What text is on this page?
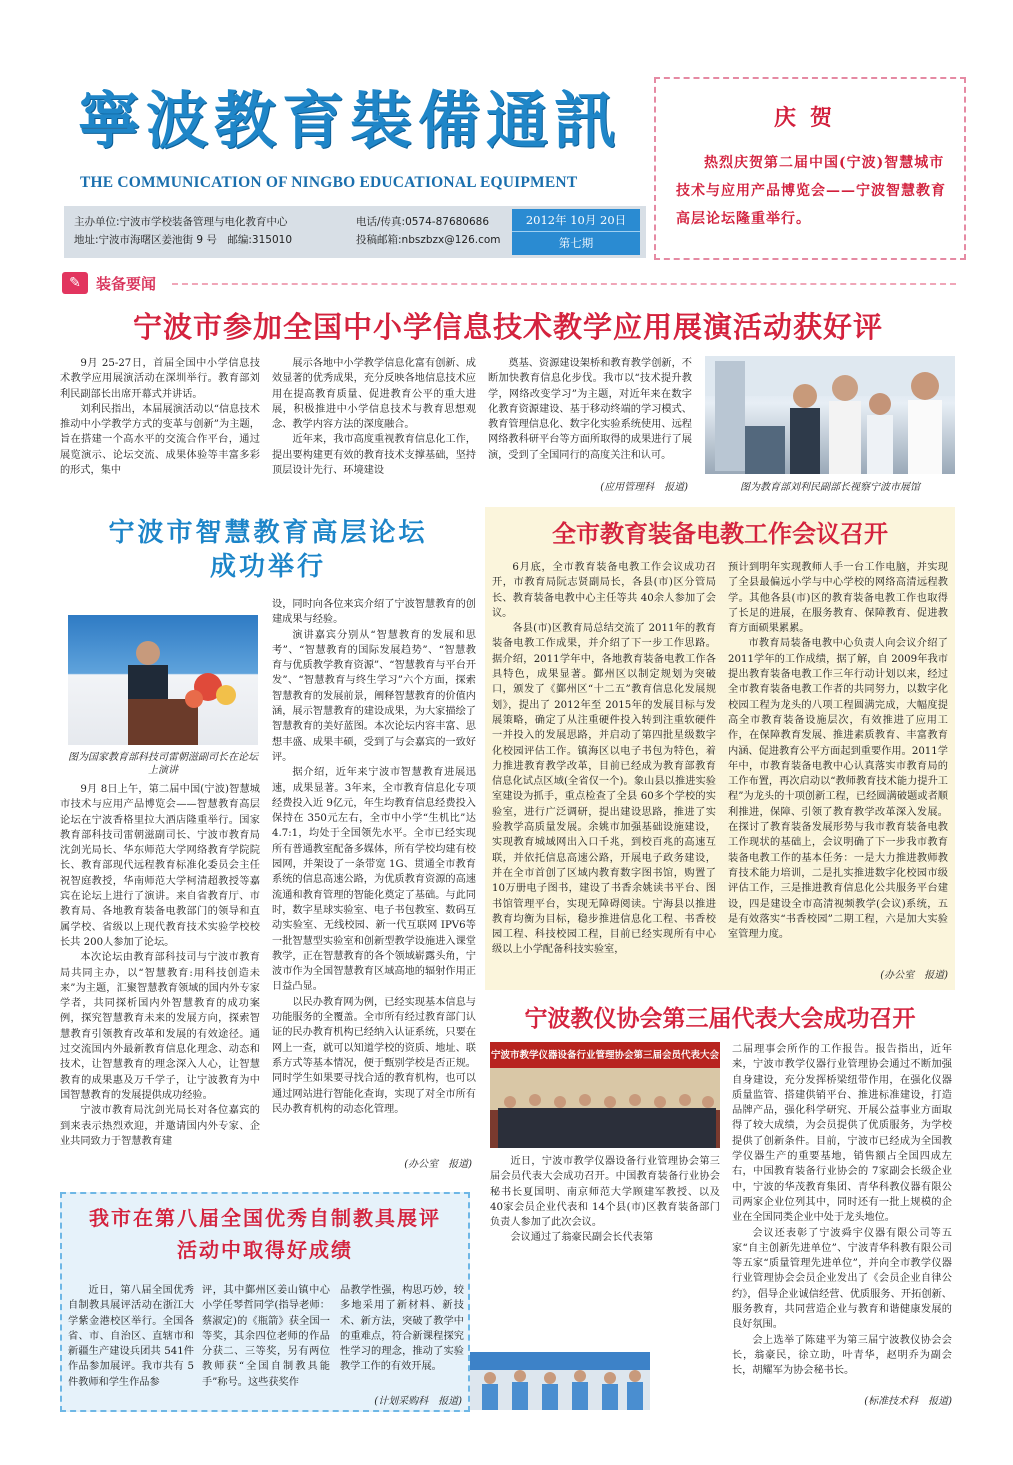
寧波教育裝備通訊
THE COMMUNICATION OF NINGBO EDUCATIONAL EQUIPMENT
主办单位:宁波市学校装备管理与电化教育中心
地址:宁波市海曙区姜池街 9 号　邮编:315010
电话/传真:0574-87680686
投稿邮箱:nbszbzx@126.com
2012年 10月 20日
第七期
庆贺
热烈庆贺第二届中国(宁波)智慧城市技术与应用产品博览会——宁波智慧教育高层论坛隆重举行。
✎	装备要闻
宁波市参加全国中小学信息技术教学应用展演活动获好评

9月 25-27日，首届全国中小学信息技术教学应用展演活动在深圳举行。教育部刘利民副部长出席开幕式并讲话。

刘利民指出，本届展演活动以“信息技术推动中小学教学方式的变革与创新”为主题，旨在搭建一个高水平的交流合作平台，通过展览演示、论坛交流、成果体验等丰富多彩的形式，集中

展示各地中小学教学信息化富有创新、成效显著的优秀成果，充分反映各地信息技术应用在提高教育质量、促进教育公平的重大进展，积极推进中小学信息技术与教育思想观念、教学内容方法的深度融合。

近年来，我市高度重视教育信息化工作，提出要构建更有效的教育技术支撑基础，坚持顶层设计先行、环境建设

奠基、资源建设架桥和教育教学创新，不断加快教育信息化步伐。我市以“技术提升教学，网络改变学习”为主题，对近年来在数字化教育资源建设、基于移动终端的学习模式、教育管理信息化、数字化实验系统使用、远程网络教科研平台等方面所取得的成果进行了展演，受到了全国同行的高度关注和认可。

(应用管理科　报道)	图为教育部刘利民副部长视察宁波市展馆
宁波市智慧教育高层论坛
成功举行
图为国家教育部科技司雷朝滋副司长在论坛上演讲

9月 8日上午，第二届中国(宁波)智慧城市技术与应用产品博览会——智慧教育高层论坛在宁波香格里拉大酒店隆重举行。国家教育部科技司雷朝滋副司长、宁波市教育局沈剑光局长、华东师范大学网络教育学院院长、教育部现代远程教育标准化委员会主任祝智庭教授，华南师范大学柯清超教授等嘉宾在论坛上进行了演讲。来自省教育厅、市教育局、各地教育装备电教部门的领导和直属学校、省级以上现代教育技术实验学校校长共 200人参加了论坛。

本次论坛由教育部科技司与宁波市教育局共同主办，以“智慧教育:用科技创造未来”为主题，汇聚智慧教育领域的国内外专家学者，共同探析国内外智慧教育的成功案例，探究智慧教育未来的发展方向，探索智慧教育引领教育改革和发展的有效途径。通过交流国内外最新教育信息化理念、动态和技术，让智慧教育的理念深入人心，让智慧教育的成果惠及万千学子，让宁波教育为中国智慧教育的发展提供成功经验。

宁波市教育局沈剑光局长对各位嘉宾的到来表示热烈欢迎，并邀请国内外专家、企业共同致力于智慧教育建

设，同时向各位来宾介绍了宁波智慧教育的创建成果与经验。

演讲嘉宾分别从“智慧教育的发展和思考”、“智慧教育的国际发展趋势”、“智慧教育与优质教学教育资源”、“智慧教育与平台开发”、“智慧教育与终生学习”六个方面，探索智慧教育的发展前景，阐释智慧教育的价值内涵，展示智慧教育的建设成果，为大家描绘了智慧教育的美好蓝图。本次论坛内容丰富、思想丰盛、成果丰硕，受到了与会嘉宾的一致好评。

据介绍，近年来宁波市智慧教育进展迅速，成果显著。3年来，全市教育信息化专项经费投入近 9亿元，年生均教育信息经费投入保持在 350元左右，全市中小学“生机比”达 4.7:1，均处于全国领先水平。全市已经实现所有普通教室配备多媒体，所有学校均建有校园网，并架设了一条带宽 1G、贯通全市教育系统的信息高速公路，为优质教育资源的高速流通和教育管理的智能化奠定了基础。与此同时，数字星球实验室、电子书包教室、数码互动实验室、无线校园、新一代互联网 IPV6等一批智慧型实验室和创新型教学设施进入课堂教学，正在智慧教育的各个领域崭露头角，宁波市作为全国智慧教育区域高地的辐射作用正日益凸显。

以民办教育网为例，已经实现基本信息与功能服务的全覆盖。全市所有经过教育部门认证的民办教育机构已经纳入认证系统，只要在网上一查，就可以知道学校的资质、地址、联系方式等基本情况，便于甄别学校是否正规。同时学生如果要寻找合适的教育机构，也可以通过网站进行智能化查询，实现了对全市所有民办教育机构的动态化管理。

(办公室　报道)
全市教育装备电教工作会议召开

6月底，全市教育装备电教工作会议成功召开，市教育局阮志贤副局长，各县(市)区分管局长、教育装备电教中心主任等共 40余人参加了会议。

各县(市)区教育局总结交流了 2011年的教育装备电教工作成果，并介绍了下一步工作思路。据介绍，2011学年中，各地教育装备电教工作各具特色，成果显著。鄞州区以制定规划为突破口，颁发了《鄞州区“十二五”教育信息化发展规划》，提出了 2012年至 2015年的发展目标与发展策略，确定了从注重硬件投入转到注重软硬件一并投入的发展思路，并启动了第四批星级数字化校园评估工作。镇海区以电子书包为特色，着力推进教育教学改革，目前已经成为教育部教育信息化试点区域(全省仅一个)。象山县以推进实验室建设为抓手，重点检查了全县 60多个学校的实验室，进行广泛调研，提出建设思路，推进了实验教学高质量发展。余姚市加强基础设施建设，实现教育城域网出入口千兆，到校百兆的高速互联，并依托信息高速公路，开展电子政务建设，并在全市首创了区域内教育数字图书馆，购置了 10万册电子图书，建设了书香余姚读书平台、图书馆管理平台，实现无障碍阅读。宁海县以推进教育均衡为目标，稳步推进信息化工程、书香校园工程、科技校园工程，目前已经实现所有中心级以上小学配备科技实验室，

预计到明年实现教师人手一台工作电脑，并实现了全县最偏远小学与中心学校的网络高清远程教学。其他各县(市)区的教育装备电教工作也取得了长足的进展，在服务教育、保障教育、促进教育方面硕果累累。

市教育局装备电教中心负责人向会议介绍了 2011学年的工作成绩，据了解，自 2009年我市提出教育装备电教工作三年行动计划以来，经过全市教育装备电教工作者的共同努力，以数字化校园工程为龙头的八项工程圆满完成，大幅度提高全市教育装备设施层次，有效推进了应用工作，在保障教育发展、推进素质教育、丰富教育内涵、促进教育公平方面起到重要作用。2011学年中，市教育装备电教中心认真落实市教育局的工作布置，再次启动以“教师教育技术能力提升工程”为龙头的十项创新工程，已经圆满破题或者顺利推进，保障、引领了教育教学改革深入发展。在探讨了教育装备发展形势与我市教育装备电教工作现状的基础上，会议明确了下一步我市教育装备电教工作的基本任务：一是大力推进教师教育技术能力培训，二是扎实推进数字化校园市级评估工作，三是推进教育信息化公共服务平台建设，四是建设全市高清视频教学(会议)系统，五是有效落实“书香校园”二期工程，六是加大实验室管理力度。

(办公室　报道)
宁波教仪协会第三届代表大会成功召开
宁波市教学仪器设备行业管理协会第三届会员代表大会

近日，宁波市教学仪器设备行业管理协会第三届会员代表大会成功召开。中国教育装备行业协会秘书长夏国明、南京师范大学顾建军教授、以及 40家会员企业代表和 14个县(市)区教育装备部门负责人参加了此次会议。

会议通过了翁豪民副会长代表第

二届理事会所作的工作报告。报告指出，近年来，宁波市教学仪器行业管理协会通过不断加强自身建设，充分发挥桥梁纽带作用，在强化仪器质量监管、搭建供销平台、推进标准建设，打造品牌产品，强化科学研究、开展公益事业方面取得了较大成绩，为会员提供了优质服务，为学校提供了创新条件。目前，宁波市已经成为全国教学仪器生产的重要基地，销售额占全国四成左右，中国教育装备行业协会的 7家副会长级企业中，宁波的华茂教育集团、青华科教仪器有限公司两家企业位列其中，同时还有一批上规模的企业在全国同类企业中处于龙头地位。

会议还表彰了宁波舜宇仪器有限公司等五家“自主创新先进单位”、宁波青华科教有限公司等五家“质量管理先进单位”，并向全市教学仪器行业管理协会会员企业发出了《会员企业自律公约》，倡导企业诚信经营、优质服务、开拓创新、服务教育，共同营造企业与教育和谐健康发展的良好氛围。

会上选举了陈建平为第三届宁波教仪协会会长，翁豪民，徐立助，叶青华，赵明乔为副会长，胡耀军为协会秘书长。

(标准技术科　报道)
我市在第八届全国优秀自制教具展评
活动中取得好成绩

近日，第八届全国优秀自制教具展评活动在浙江大学紫金港校区举行。全国各省、市、自治区、直辖市和新疆生产建设兵团共 541件作品参加展评。我市共有 5件教师和学生作品参

评，其中鄞州区姜山镇中心小学任琴哲同学(指导老师：蔡淑定)的《瓶箭》获全国一等奖，其余四位老师的作品分获二、三等奖，另有两位教师获“全国自制教具能手”称号。这些获奖作

品教学性强，构思巧妙，较多地采用了新材料、新技术、新方法，突破了教学中的重难点，符合新课程探究性学习的理念，推动了实验教学工作的有效开展。

(计划采购科　报道)
